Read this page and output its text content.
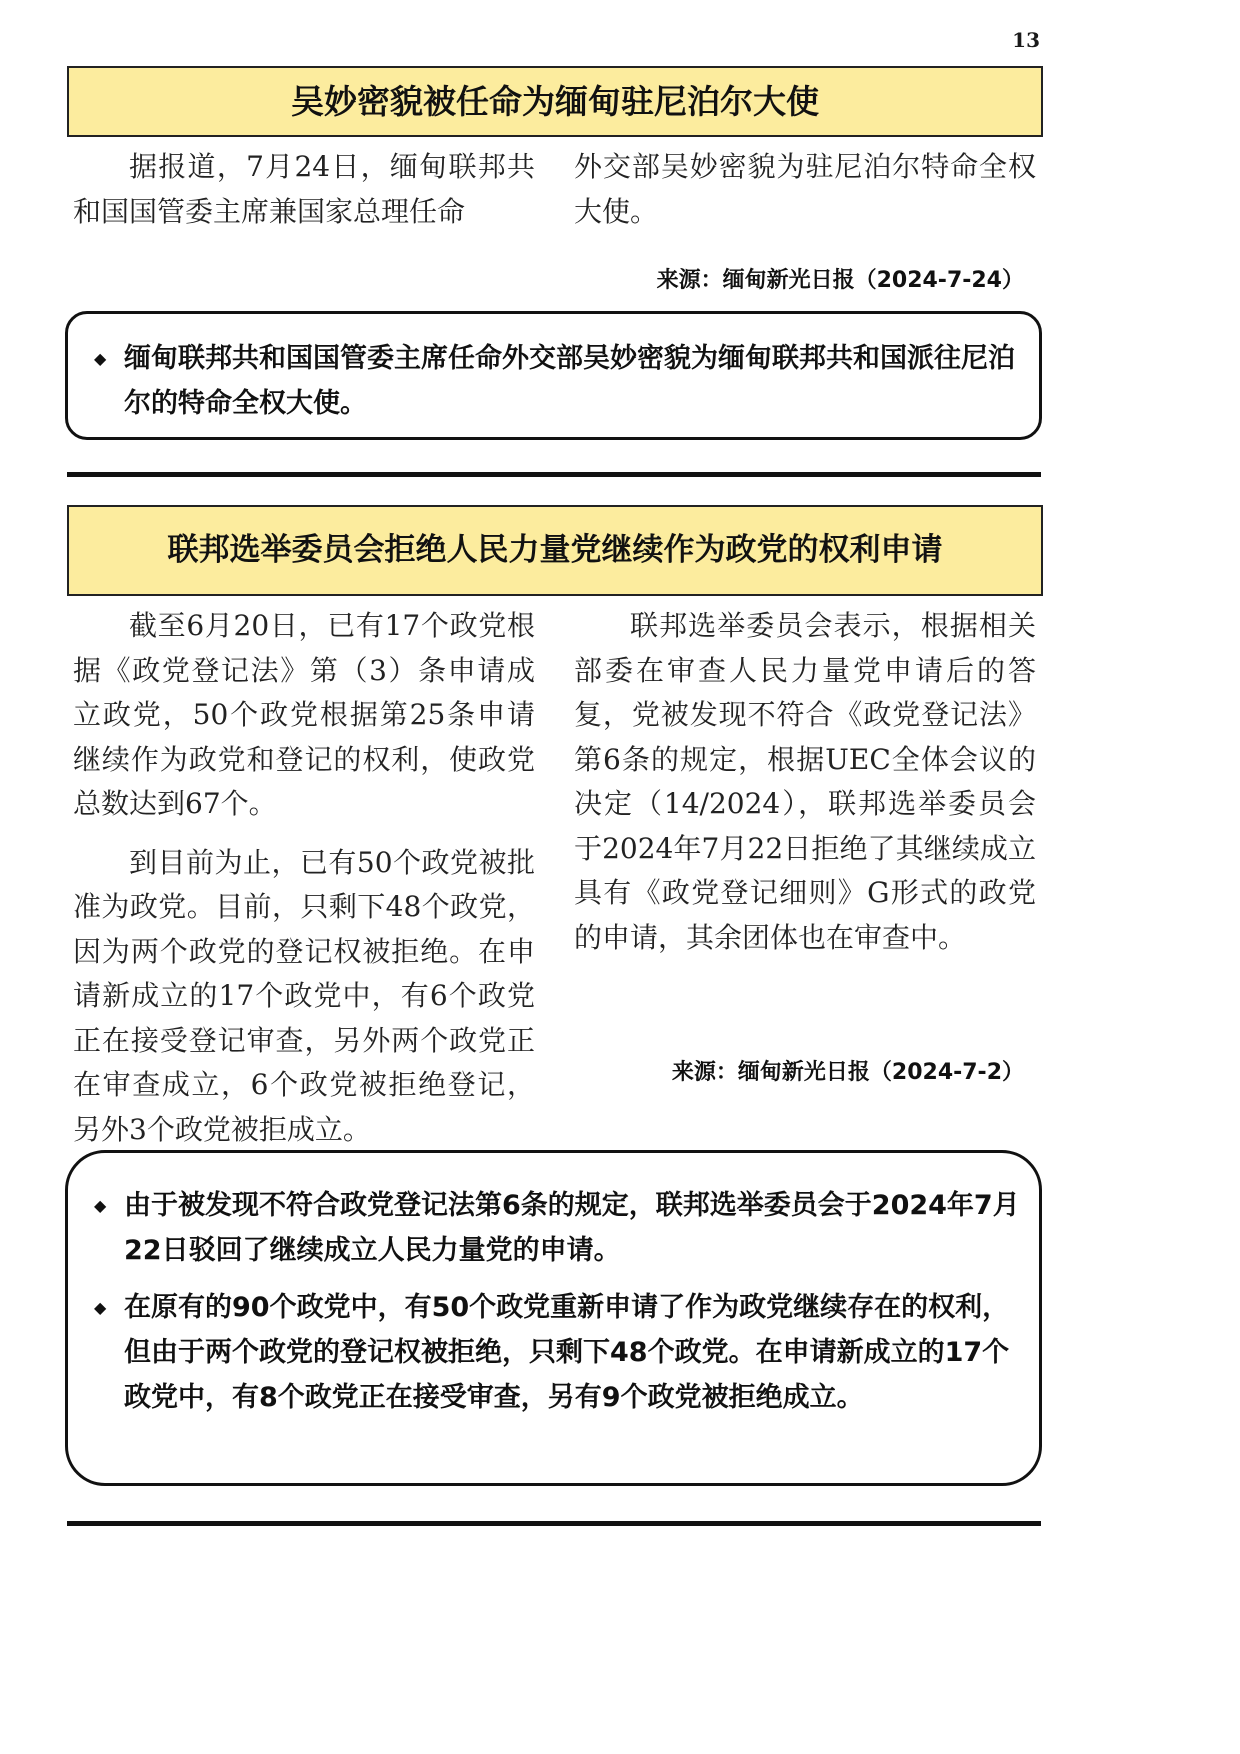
13
吴妙密貌被任命为缅甸驻尼泊尔大使

据报道，7月24日，缅甸联邦共和国国管委主席兼国家总理任命

外交部吴妙密貌为驻尼泊尔特命全权大使。

来源：缅甸新光日报（2024-7-24）
◆ 缅甸联邦共和国国管委主席任命外交部吴妙密貌为缅甸联邦共和国派往尼泊尔的特命全权大使。
联邦选举委员会拒绝人民力量党继续作为政党的权利申请

截至6月20日，已有17个政党根据《政党登记法》第（3）条申请成立政党，50个政党根据第25条申请继续作为政党和登记的权利，使政党总数达到67个。

到目前为止，已有50个政党被批准为政党。目前，只剩下48个政党，因为两个政党的登记权被拒绝。在申请新成立的17个政党中，有6个政党正在接受登记审查，另外两个政党正在审查成立，6个政党被拒绝登记，另外3个政党被拒成立。

联邦选举委员会表示，根据相关部委在审查人民力量党申请后的答复，党被发现不符合《政党登记法》第6条的规定，根据UEC全体会议的决定（14/2024），联邦选举委员会于2024年7月22日拒绝了其继续成立具有《政党登记细则》G形式的政党的申请，其余团体也在审查中。

来源：缅甸新光日报（2024-7-2）
◆ 由于被发现不符合政党登记法第6条的规定，联邦选举委员会于2024年7月22日驳回了继续成立人民力量党的申请。
◆ 在原有的90个政党中，有50个政党重新申请了作为政党继续存在的权利，但由于两个政党的登记权被拒绝，只剩下48个政党。在申请新成立的17个政党中，有8个政党正在接受审查，另有9个政党被拒绝成立。
